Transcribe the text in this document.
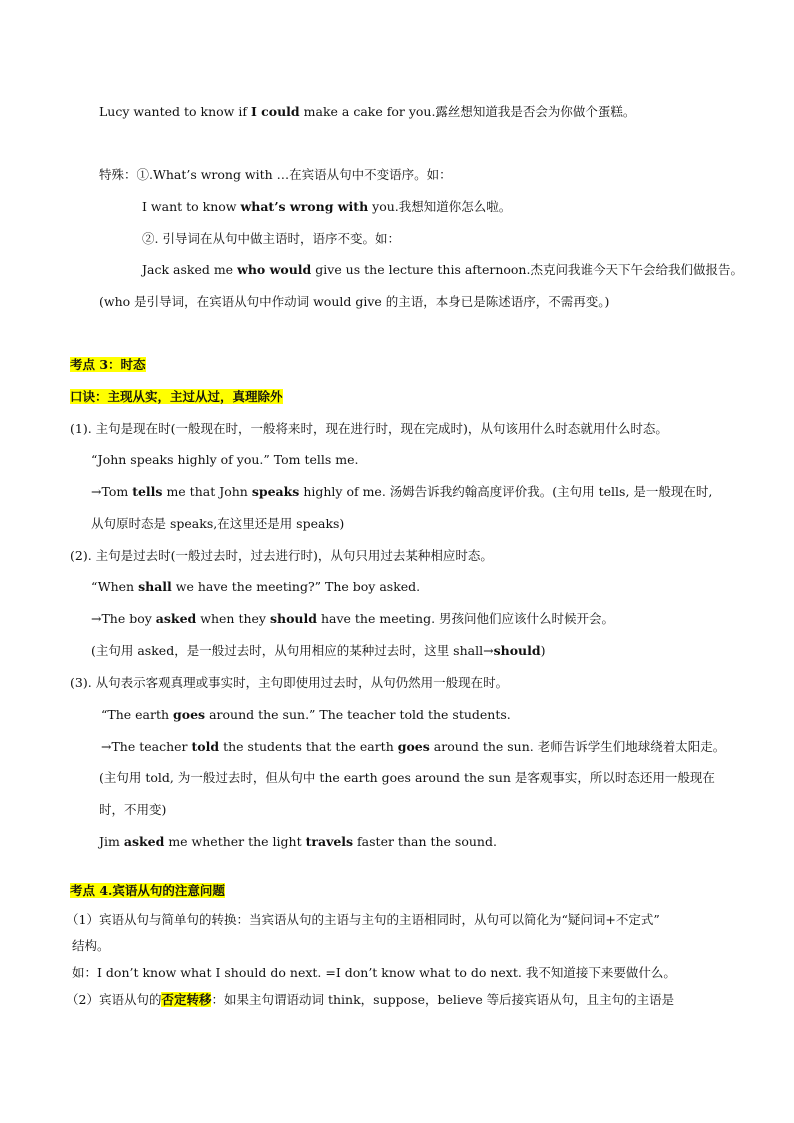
Lucy wanted to know if I could make a cake for you.露丝想知道我是否会为你做个蛋糕。
特殊：①.What’s wrong with …在宾语从句中不变语序。如：
I want to know what’s wrong with you.我想知道你怎么啦。
②. 引导词在从句中做主语时，语序不变。如：
Jack asked me who would give us the lecture this afternoon.杰克问我谁今天下午会给我们做报告。
(who 是引导词，在宾语从句中作动词 would give 的主语，本身已是陈述语序，不需再变。)
考点 3：时态
口诀：主现从实，主过从过，真理除外
(1). 主句是现在时(一般现在时，一般将来时，现在进行时，现在完成时)，从句该用什么时态就用什么时态。
“John speaks highly of you.” Tom tells me.
→Tom tells me that John speaks highly of me. 汤姆告诉我约翰高度评价我。(主句用 tells, 是一般现在时,
从句原时态是 speaks,在这里还是用 speaks)
(2). 主句是过去时(一般过去时，过去进行时)，从句只用过去某种相应时态。
“When shall we have the meeting?” The boy asked.
→The boy asked when they should have the meeting. 男孩问他们应该什么时候开会。
(主句用 asked，是一般过去时，从句用相应的某种过去时，这里 shall→should)
(3). 从句表示客观真理或事实时，主句即使用过去时，从句仍然用一般现在时。
“The earth goes around the sun.” The teacher told the students.
→The teacher told the students that the earth goes around the sun. 老师告诉学生们地球绕着太阳走。
(主句用 told, 为一般过去时，但从句中 the earth goes around the sun 是客观事实，所以时态还用一般现在
时，不用变)
Jim asked me whether the light travels faster than the sound.
考点 4.宾语从句的注意问题
（1）宾语从句与简单句的转换：当宾语从句的主语与主句的主语相同时，从句可以简化为“疑问词+不定式”
结构。
如：I don’t know what I should do next. =I don’t know what to do next. 我不知道接下来要做什么。
（2）宾语从句的否定转移：如果主句谓语动词 think，suppose，believe 等后接宾语从句，且主句的主语是
